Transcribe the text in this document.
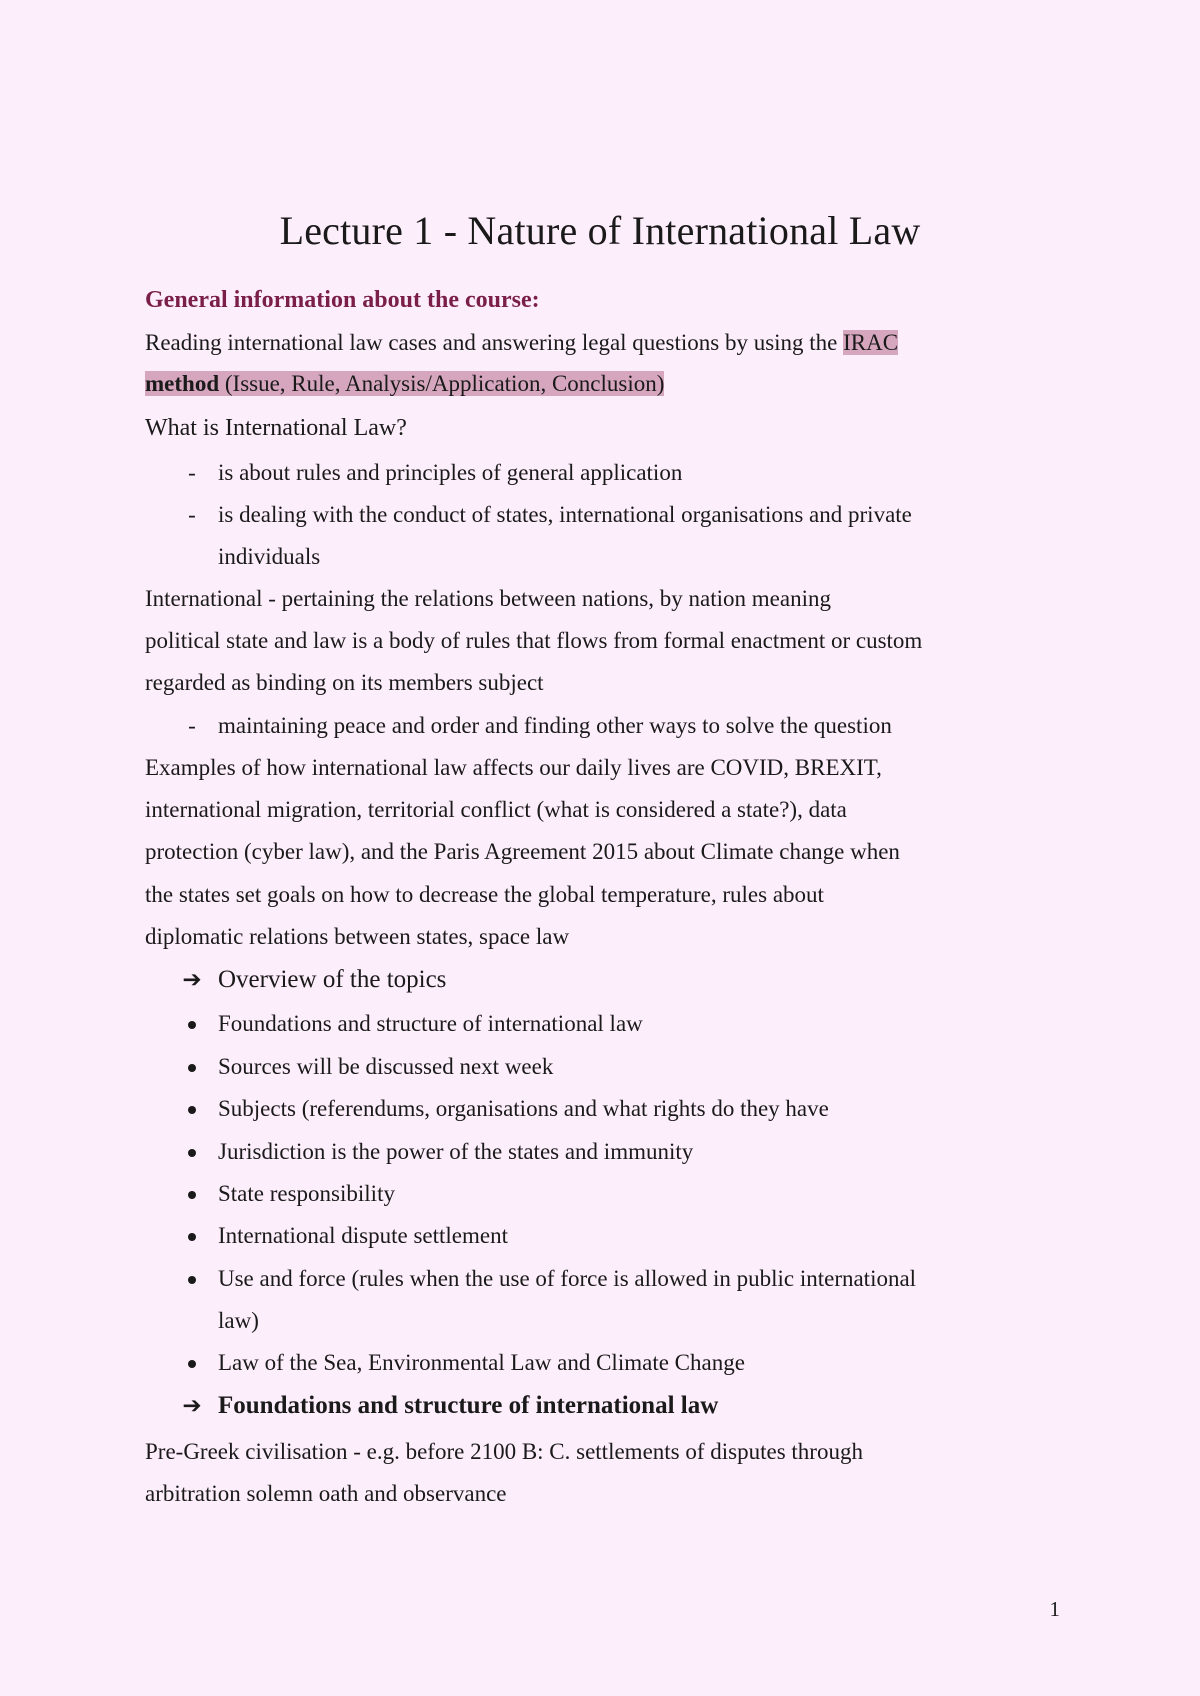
Lecture 1 - Nature of International Law
General information about the course:

Reading international law cases and answering legal questions by using the IRAC

method (Issue, Rule, Analysis/Application, Conclusion)

What is International Law?

- is about rules and principles of general application
- is dealing with the conduct of states, international organisations and private
individuals

International - pertaining the relations between nations, by nation meaning

political state and law is a body of rules that flows from formal enactment or custom

regarded as binding on its members subject

- maintaining peace and order and finding other ways to solve the question

Examples of how international law affects our daily lives are COVID, BREXIT,

international migration, territorial conflict (what is considered a state?), data

protection (cyber law), and the Paris Agreement 2015 about Climate change when

the states set goals on how to decrease the global temperature, rules about

diplomatic relations between states, space law

➔ Overview of the topics
Foundations and structure of international law
Sources will be discussed next week
Subjects (referendums, organisations and what rights do they have
Jurisdiction is the power of the states and immunity
State responsibility
International dispute settlement
Use and force (rules when the use of force is allowed in public international
law)
Law of the Sea, Environmental Law and Climate Change
➔ Foundations and structure of international law

Pre-Greek civilisation - e.g. before 2100 B: C. settlements of disputes through

arbitration solemn oath and observance

1
